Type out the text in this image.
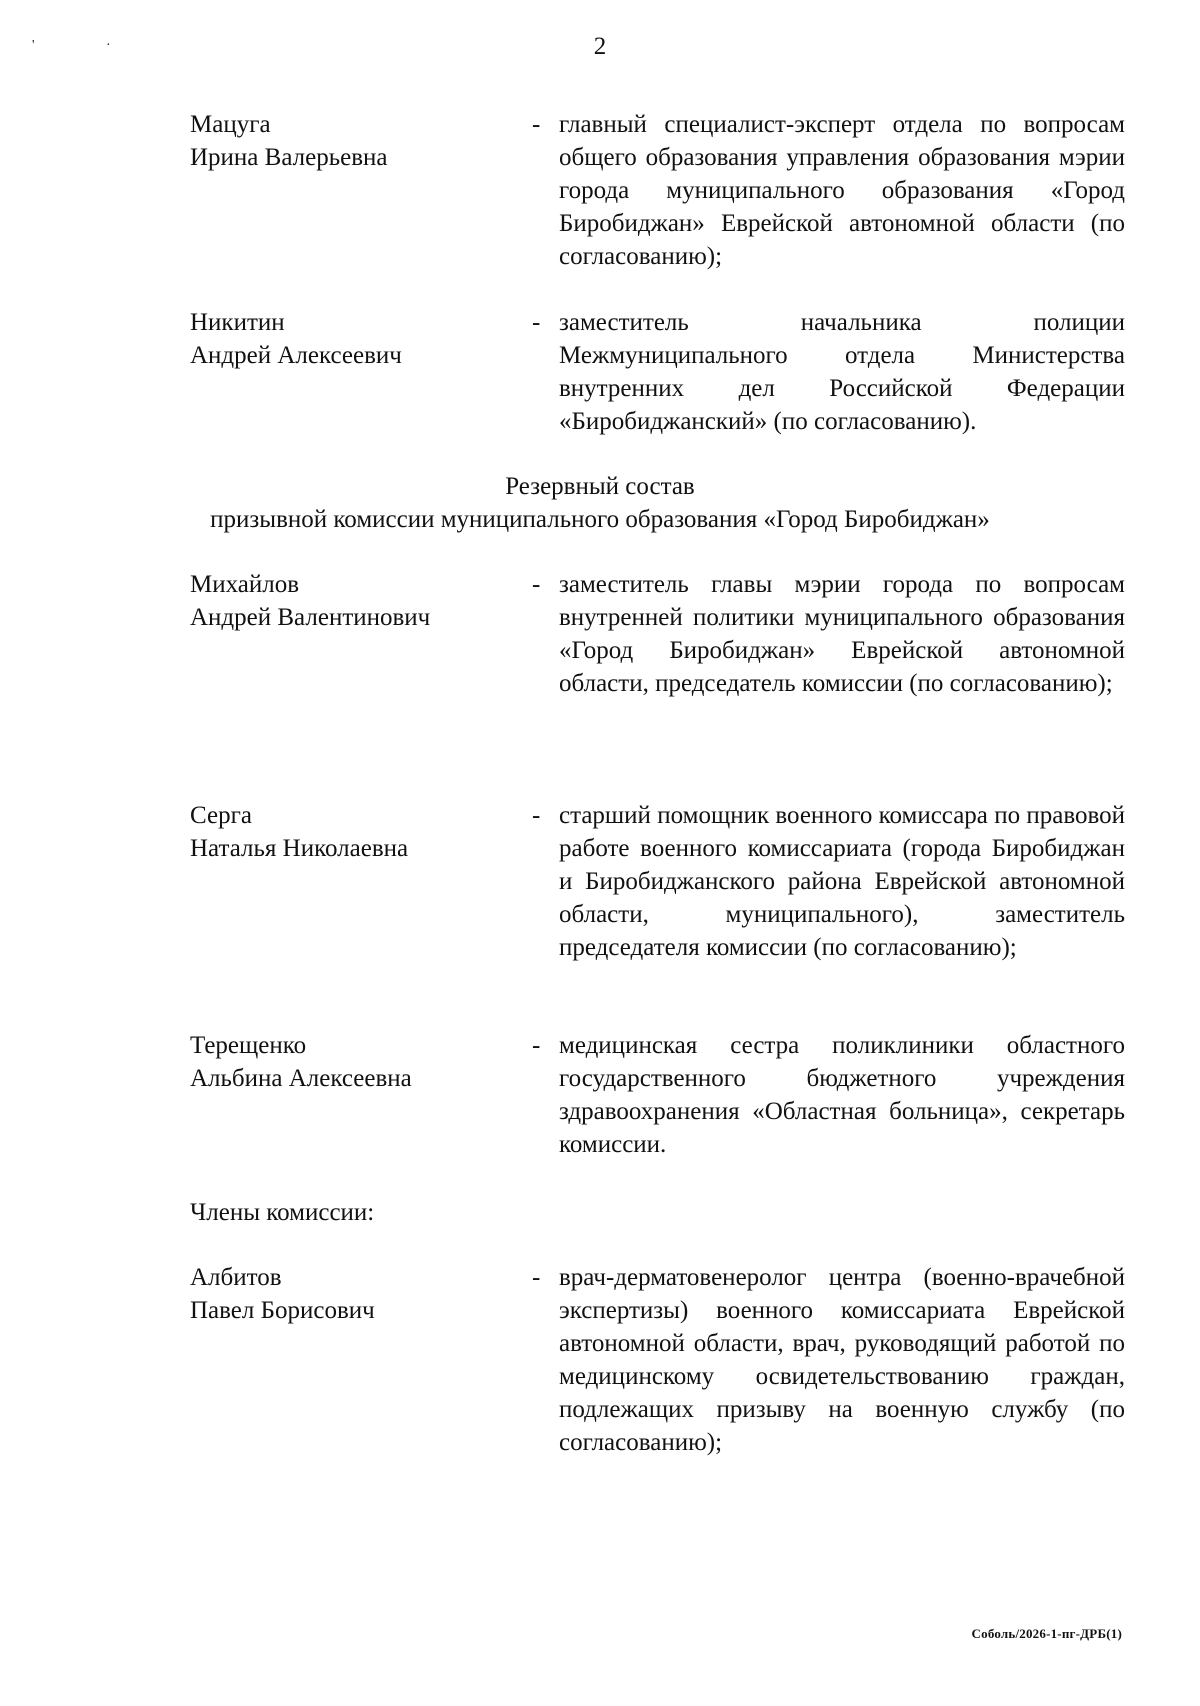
'	·	2
Мацуга
Ирина Валерьевна
- главный специалист-эксперт отдела по вопросам общего образования управления образования мэрии города муниципального образования «Город Биробиджан» Еврейской автономной области (по согласованию);
Никитин
Андрей Алексеевич
- заместитель начальника полиции Межмуниципального отдела Министерства внутренних дел Российской Федерации «Биробиджанский» (по согласованию).
Резервный состав
призывной комиссии муниципального образования «Город Биробиджан»
Михайлов
Андрей Валентинович
- заместитель главы мэрии города по вопросам внутренней политики муниципального образования «Город Биробиджан» Еврейской автономной области, председатель комиссии (по согласованию);
Серга
Наталья Николаевна
- старший помощник военного комиссара по правовой работе военного комиссариата (города Биробиджан и Биробиджанского района Еврейской автономной области, муниципального), заместитель председателя комиссии (по согласованию);
Терещенко
Альбина Алексеевна
- медицинская сестра поликлиники областного государственного бюджетного учреждения здравоохранения «Областная больница», секретарь комиссии.
Члены комиссии:
Албитов
Павел Борисович
- врач-дерматовенеролог центра (военно-врачебной экспертизы) военного комиссариата Еврейской автономной области, врач, руководящий работой по медицинскому освидетельствованию граждан, подлежащих призыву на военную службу (по согласованию);
Соболь/2026-1-пг-ДРБ(1)
